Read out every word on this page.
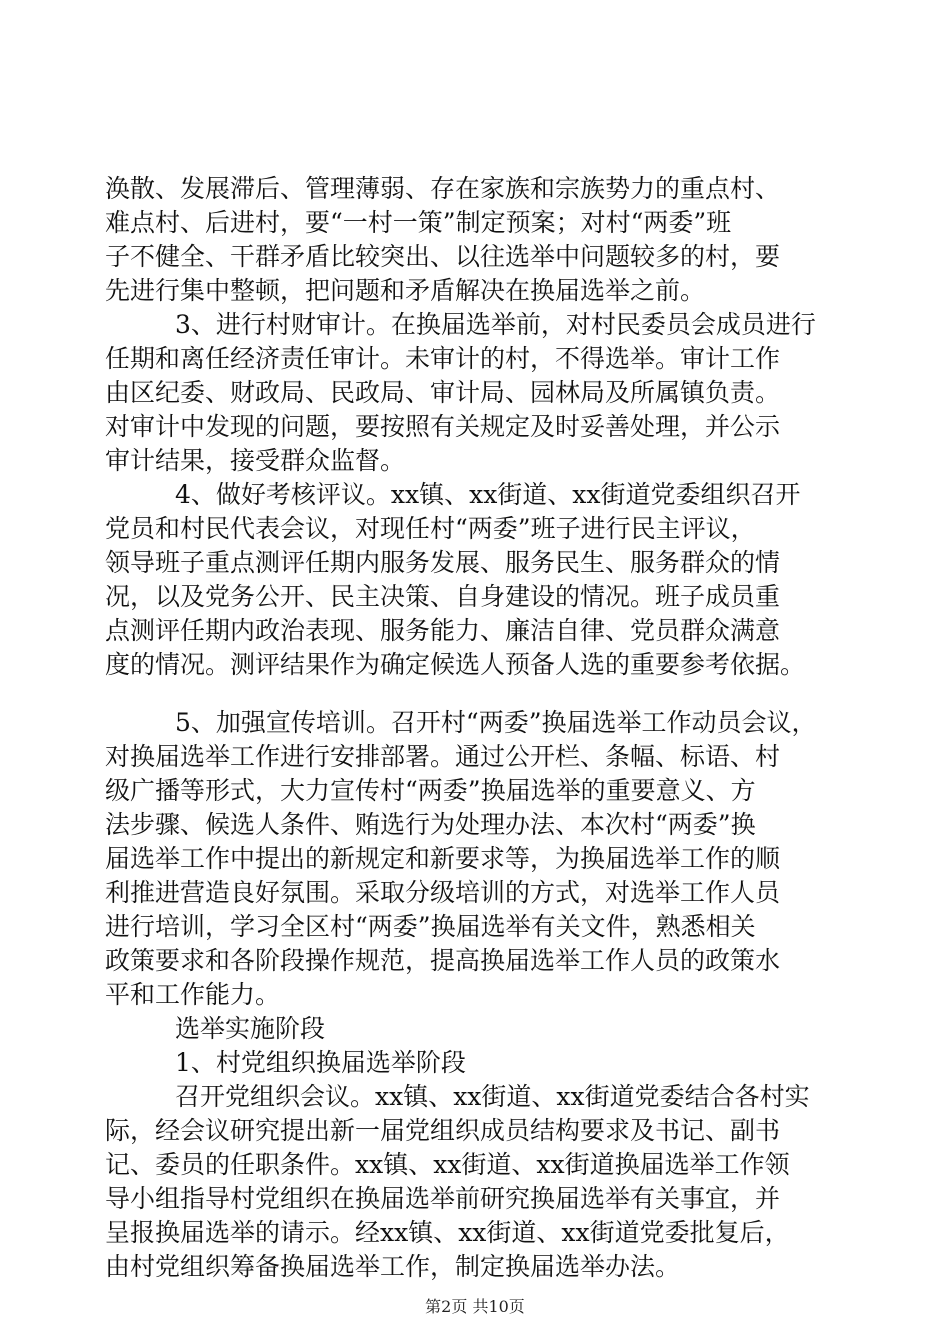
涣散、发展滞后、管理薄弱、存在家族和宗族势力的重点村、
难点村、后进村，要“一村一策”制定预案；对村“两委”班
子不健全、干群矛盾比较突出、以往选举中问题较多的村，要
先进行集中整顿，把问题和矛盾解决在换届选举之前。
3、进行村财审计。在换届选举前，对村民委员会成员进行
任期和离任经济责任审计。未审计的村，不得选举。审计工作
由区纪委、财政局、民政局、审计局、园林局及所属镇负责。
对审计中发现的问题，要按照有关规定及时妥善处理，并公示
审计结果，接受群众监督。
4、做好考核评议。xx镇、xx街道、xx街道党委组织召开
党员和村民代表会议，对现任村“两委”班子进行民主评议，
领导班子重点测评任期内服务发展、服务民生、服务群众的情
况，以及党务公开、民主决策、自身建设的情况。班子成员重
点测评任期内政治表现、服务能力、廉洁自律、党员群众满意
度的情况。测评结果作为确定候选人预备人选的重要参考依据。
5、加强宣传培训。召开村“两委”换届选举工作动员会议，
对换届选举工作进行安排部署。通过公开栏、条幅、标语、村
级广播等形式，大力宣传村“两委”换届选举的重要意义、方
法步骤、候选人条件、贿选行为处理办法、本次村“两委”换
届选举工作中提出的新规定和新要求等，为换届选举工作的顺
利推进营造良好氛围。采取分级培训的方式，对选举工作人员
进行培训，学习全区村“两委”换届选举有关文件，熟悉相关
政策要求和各阶段操作规范，提高换届选举工作人员的政策水
平和工作能力。
选举实施阶段
1、村党组织换届选举阶段
召开党组织会议。xx镇、xx街道、xx街道党委结合各村实
际，经会议研究提出新一届党组织成员结构要求及书记、副书
记、委员的任职条件。xx镇、xx街道、xx街道换届选举工作领
导小组指导村党组织在换届选举前研究换届选举有关事宜，并
呈报换届选举的请示。经xx镇、xx街道、xx街道党委批复后，
由村党组织筹备换届选举工作，制定换届选举办法。
第2页 共10页
